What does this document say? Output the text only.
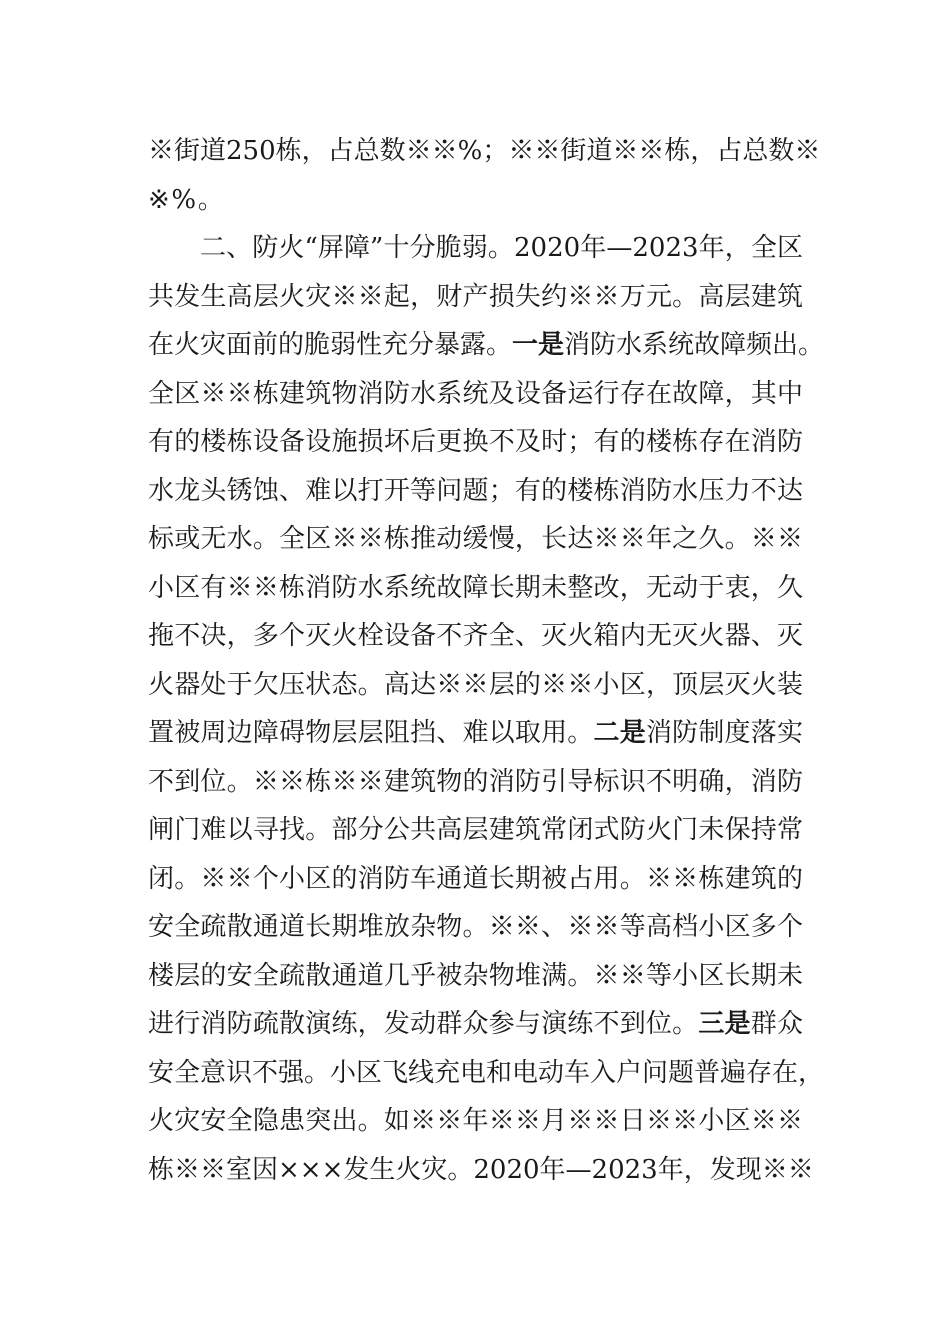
※街道250栋，占总数※※%；※※街道※※栋，占总数※
※%。
二、防火“屏障”十分脆弱。2020年—2023年，全区
共发生高层火灾※※起，财产损失约※※万元。高层建筑
在火灾面前的脆弱性充分暴露。一是消防水系统故障频出。
全区※※栋建筑物消防水系统及设备运行存在故障，其中
有的楼栋设备设施损坏后更换不及时；有的楼栋存在消防
水龙头锈蚀、难以打开等问题；有的楼栋消防水压力不达
标或无水。全区※※栋推动缓慢，长达※※年之久。※※
小区有※※栋消防水系统故障长期未整改，无动于衷，久
拖不决，多个灭火栓设备不齐全、灭火箱内无灭火器、灭
火器处于欠压状态。高达※※层的※※小区，顶层灭火装
置被周边障碍物层层阻挡、难以取用。二是消防制度落实
不到位。※※栋※※建筑物的消防引导标识不明确，消防
闸门难以寻找。部分公共高层建筑常闭式防火门未保持常
闭。※※个小区的消防车通道长期被占用。※※栋建筑的
安全疏散通道长期堆放杂物。※※、※※等高档小区多个
楼层的安全疏散通道几乎被杂物堆满。※※等小区长期未
进行消防疏散演练，发动群众参与演练不到位。三是群众
安全意识不强。小区飞线充电和电动车入户问题普遍存在，
火灾安全隐患突出。如※※年※※月※※日※※小区※※
栋※※室因×××发生火灾。2020年—2023年，发现※※
